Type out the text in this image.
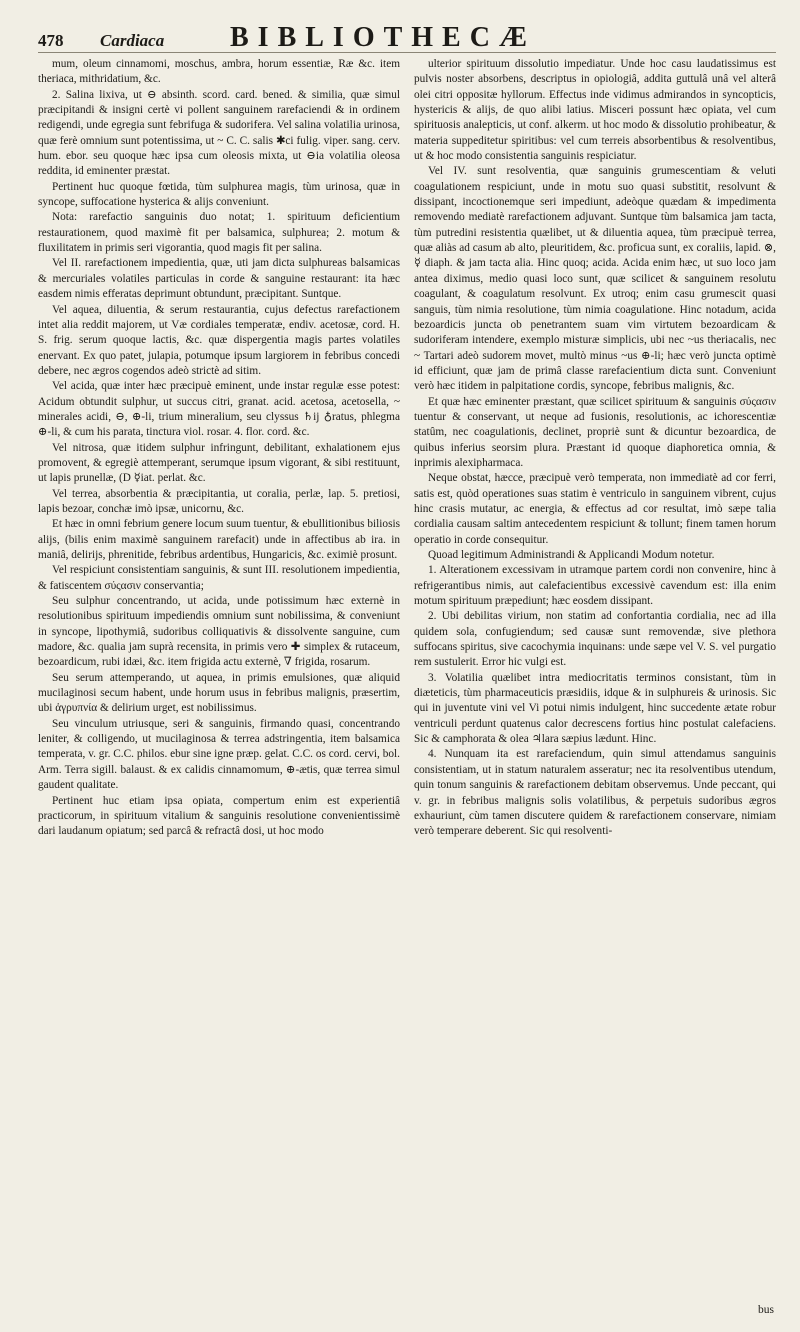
478	Cardiaca	BIBLIOTHECÆ

mum, oleum cinnamomi, moschus, ambra, horum essentiæ, Ræ &c. item theriaca, mithridatium, &c.

2. Salina lixiva, ut ⊖ absinth. scord. card. bened. & similia, quæ simul præcipitandi & insigni certè vi pollent sanguinem rarefaciendi & in ordinem redigendi, unde egregia sunt febrifuga & sudorifera. Vel salina volatilia urinosa, quæ ferè omnium sunt potentissima, ut ~ C. C. salis ✱ci fulig. viper. sang. cerv. hum. ebor. seu quoque hæc ipsa cum oleosis mixta, ut ⊖ia volatilia oleosa reddita, id eminenter præstat.

Pertinent huc quoque fœtida, tùm sulphurea magis, tùm urinosa, quæ in syncope, suffocatione hysterica & alijs conveniunt.

Nota: rarefactio sanguinis duo notat; 1. spirituum deficientium restaurationem, quod maximè fit per balsamica, sulphurea; 2. motum & fluxilitatem in primis seri vigorantia, quod magis fit per salina.

Vel II. rarefactionem impedientia, quæ, uti jam dicta sulphureas balsamicas & mercuriales volatiles particulas in corde & sanguine restaurant: ita hæc easdem nimis efferatas deprimunt obtundunt, præcipitant. Suntque.

Vel aquea, diluentia, & serum restaurantia, cujus defectus rarefactionem intet alia reddit majorem, ut Væ cordiales temperatæ, endiv. acetosæ, cord. H. S. frig. serum quoque lactis, &c. quæ dispergentia magis partes volatiles enervant. Ex quo patet, julapia, potumque ipsum largiorem in febribus concedi debere, nec ægros cogendos adeò strictè ad sitim.

Vel acida, quæ inter hæc præcipuè eminent, unde instar regulæ esse potest: Acidum obtundit sulphur, ut succus citri, granat. acid. acetosa, acetosella, ~ minerales acidi, ⊖, ⊕-li, trium mineralium, seu clyssus ♄ij ♁ratus, phlegma ⊕-li, & cum his parata, tinctura viol. rosar. 4. flor. cord. &c.

Vel nitrosa, quæ itidem sulphur infringunt, debilitant, exhalationem ejus promovent, & egregiè attemperant, serumque ipsum vigorant, & sibi restituunt, ut lapis prunellæ, (D ☿iat. perlat. &c.

Vel terrea, absorbentia & præcipitantia, ut coralia, perlæ, lap. 5. pretiosi, lapis bezoar, conchæ imò ipsæ, unicornu, &c.

Et hæc in omni febrium genere locum suum tuentur, & ebullitionibus biliosis alijs, (bilis enim maximè sanguinem rarefacit) unde in affectibus ab ira. in maniâ, delirijs, phrenitide, febribus ardentibus, Hungaricis, &c. eximiè prosunt.

Vel respiciunt consistentiam sanguinis, & sunt III. resolutionem impedientia, & fatiscentem σύςασιν conservantia;

Seu sulphur concentrando, ut acida, unde potissimum hæc externè in resolutionibus spirituum impediendis omnium sunt nobilissima, & conveniunt in syncope, lipothymiâ, sudoribus colliquativis & dissolvente sanguine, cum madore, &c. qualia jam suprà recensita, in primis vero ✚ simplex & rutaceum, bezoardicum, rubi idæi, &c. item frigida actu externè, ∇ frigida, rosarum.

Seu serum attemperando, ut aquea, in primis emulsiones, quæ aliquid mucilaginosi secum habent, unde horum usus in febribus malignis, præsertim, ubi ἀγρυπνία & delirium urget, est nobilissimus.

Seu vinculum utriusque, seri & sanguinis, firmando quasi, concentrando leniter, & colligendo, ut mucilaginosa & terrea adstringentia, item balsamica temperata, v. gr. C.C. philos. ebur sine igne præp. gelat. C.C. os cord. cervi, bol. Arm. Terra sigill. balaust. & ex calidis cinnamomum, ⊕-ætis, quæ terrea simul gaudent qualitate.

Pertinent huc etiam ipsa opiata, compertum enim est experientiâ practicorum, in spirituum vitalium & sanguinis resolutione convenientissimè dari laudanum opiatum; sed parcâ & refractâ dosi, ut hoc modo

ulterior spirituum dissolutio impediatur. Unde hoc casu laudatissimus est pulvis noster absorbens, descriptus in opiologiâ, addita guttulâ unâ vel alterâ olei citri oppositæ hyllorum. Effectus inde vidimus admirandos in syncopticis, hystericis & alijs, de quo alibi latius. Misceri possunt hæc opiata, vel cum spirituosis analepticis, ut conf. alkerm. ut hoc modo & dissolutio prohibeatur, & materia suppeditetur spiritibus: vel cum terreis absorbentibus & resolventibus, ut & hoc modo consistentia sanguinis respiciatur.

Vel IV. sunt resolventia, quæ sanguinis grumescentiam & veluti coagulationem respiciunt, unde in motu suo quasi substitit, resolvunt & dissipant, incoctionemque seri impediunt, adeòque quædam & impedimenta removendo mediatè rarefactionem adjuvant. Suntque tùm balsamica jam tacta, tùm putredini resistentia quælibet, ut & diluentia aquea, tùm præcipuè terrea, quæ aliàs ad casum ab alto, pleuritidem, &c. proficua sunt, ex coraliis, lapid. ⊗, ☿ diaph. & jam tacta alia. Hinc quoq; acida. Acida enim hæc, ut suo loco jam antea diximus, medio quasi loco sunt, quæ scilicet & sanguinem resolutu coagulant, & coagulatum resolvunt. Ex utroq; enim casu grumescit quasi sanguis, tùm nimia resolutione, tùm nimia coagulatione. Hinc notadum, acida bezoardicis juncta ob penetrantem suam vim virtutem bezoardicam & sudoriferam intendere, exemplo misturæ simplicis, ubi nec ~us theriacalis, nec ~ Tartari adeò sudorem movet, multò minus ~us ⊕-li; hæc verò juncta optimè id efficiunt, quæ jam de primâ classe rarefacientium dicta sunt. Conveniunt verò hæc itidem in palpitatione cordis, syncope, febribus malignis, &c.

Et quæ hæc eminenter præstant, quæ scilicet spirituum & sanguinis σύςασιν tuentur & conservant, ut neque ad fusionis, resolutionis, ac ichorescentiæ statûm, nec coagulationis, declinet, propriè sunt & dicuntur bezoardica, de quibus inferius seorsim plura. Præstant id quoque diaphoretica omnia, & inprimis alexipharmaca.

Neque obstat, hæcce, præcipuè verò temperata, non immediatè ad cor ferri, satis est, quòd operationes suas statim è ventriculo in sanguinem vibrent, cujus hinc crasis mutatur, ac energia, & effectus ad cor resultat, imò sæpe talia cordialia causam saltim antecedentem respiciunt & tollunt; finem tamen horum operatio in corde consequitur.

Quoad legitimum Administrandi & Applicandi Modum notetur.

1. Alterationem excessivam in utramque partem cordi non convenire, hinc à refrigerantibus nimis, aut calefacientibus excessivè cavendum est: illa enim motum spirituum præpediunt; hæc eosdem dissipant.

2. Ubi debilitas virium, non statim ad confortantia cordialia, nec ad illa quidem sola, confugiendum; sed causæ sunt removendæ, sive plethora suffocans spiritus, sive cacochymia inquinans: unde sæpe vel V. S. vel purgatio rem sustulerit. Error hic vulgi est.

3. Volatilia quælibet intra mediocritatis terminos consistant, tùm in diæteticis, tùm pharmaceuticis præsidiis, idque & in sulphureis & urinosis. Sic qui in juventute vini vel Vi potui nimis indulgent, hinc succedente ætate robur ventriculi perdunt quatenus calor decrescens fortius hinc postulat calefaciens. Sic & camphorata & olea ♃lara sæpius lædunt. Hinc.

4. Nunquam ita est rarefaciendum, quin simul attendamus sanguinis consistentiam, ut in statum naturalem asseratur; nec ita resolventibus utendum, quin tonum sanguinis & rarefactionem debitam observemus. Unde peccant, qui v. gr. in febribus malignis solis volatilibus, & perpetuis sudoribus ægros exhauriunt, cùm tamen discutere quidem & rarefactionem conservare, nimiam verò temperare deberent. Sic qui resolventi-

bus
